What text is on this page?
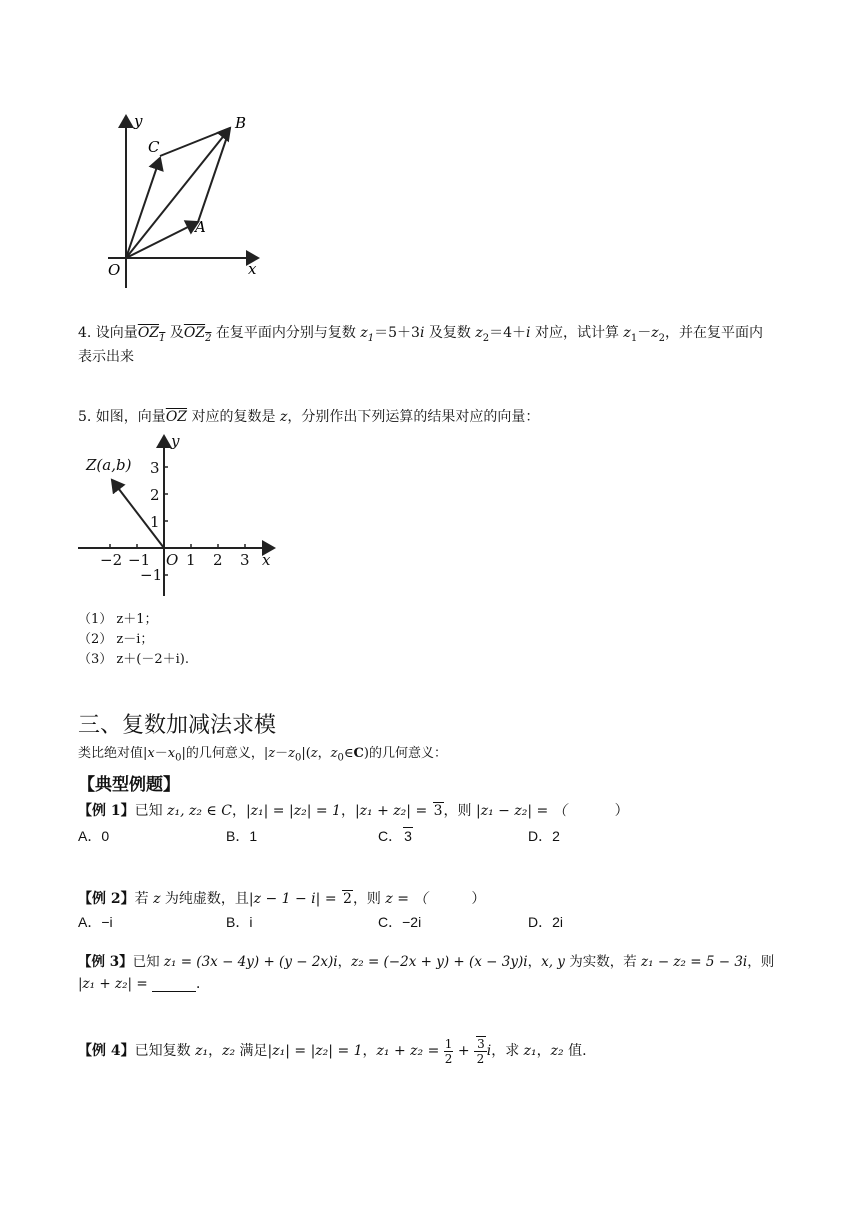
y
x
O
A
B
C
4. 设向量$OZ_1$ 及$OZ_2$ 在复平面内分别与复数 $z_1=5+3i$ 及复数 $z_2=4+i$ 对应，试计算 $z_1-z_2$，并在复平面内
表示出来
5. 如图，向量$\overline{OZ}$ 对应的复数是 z，分别作出下列运算的结果对应的向量：
Z(a,b)
y
x
O
−2 −1 1 2 3
3
2
1
−1
（1） z＋1；
（2） z－i；
（3） z＋(－2＋i).
三、复数加减法求模
类比绝对值$|x-x_0|$的几何意义，$|z-z_0|(z$，$z_0\in C$)的几何意义：
【典型例题】
【例 1】已知 z₁, z₂ ∈ C，|z₁| = |z₂| = 1，|z₁ + z₂| = 3，则 |z₁ − z₂| = （	）
A．0	B．1	C． 3	D．2
【例 2】若 z 为纯虚数，且|z − 1 − i| = 2，则 z = （	）
A．−i	B．i	C．−2i	D．2i
【例 3】已知 z₁ = (3x − 4y) + (y − 2x)i，z₂ = (−2x + y) + (x − 3y)i，x, y 为实数，若 z₁ − z₂ = 5 − 3i，则
|z₁ + z₂| =	.
【例 4】已知复数 z₁，z₂ 满足|z₁| = |z₂| = 1，$z_1 + z_2 = \frac{1}{2} + \frac{3}{2}$ i，求 z₁，z₂ 值.
